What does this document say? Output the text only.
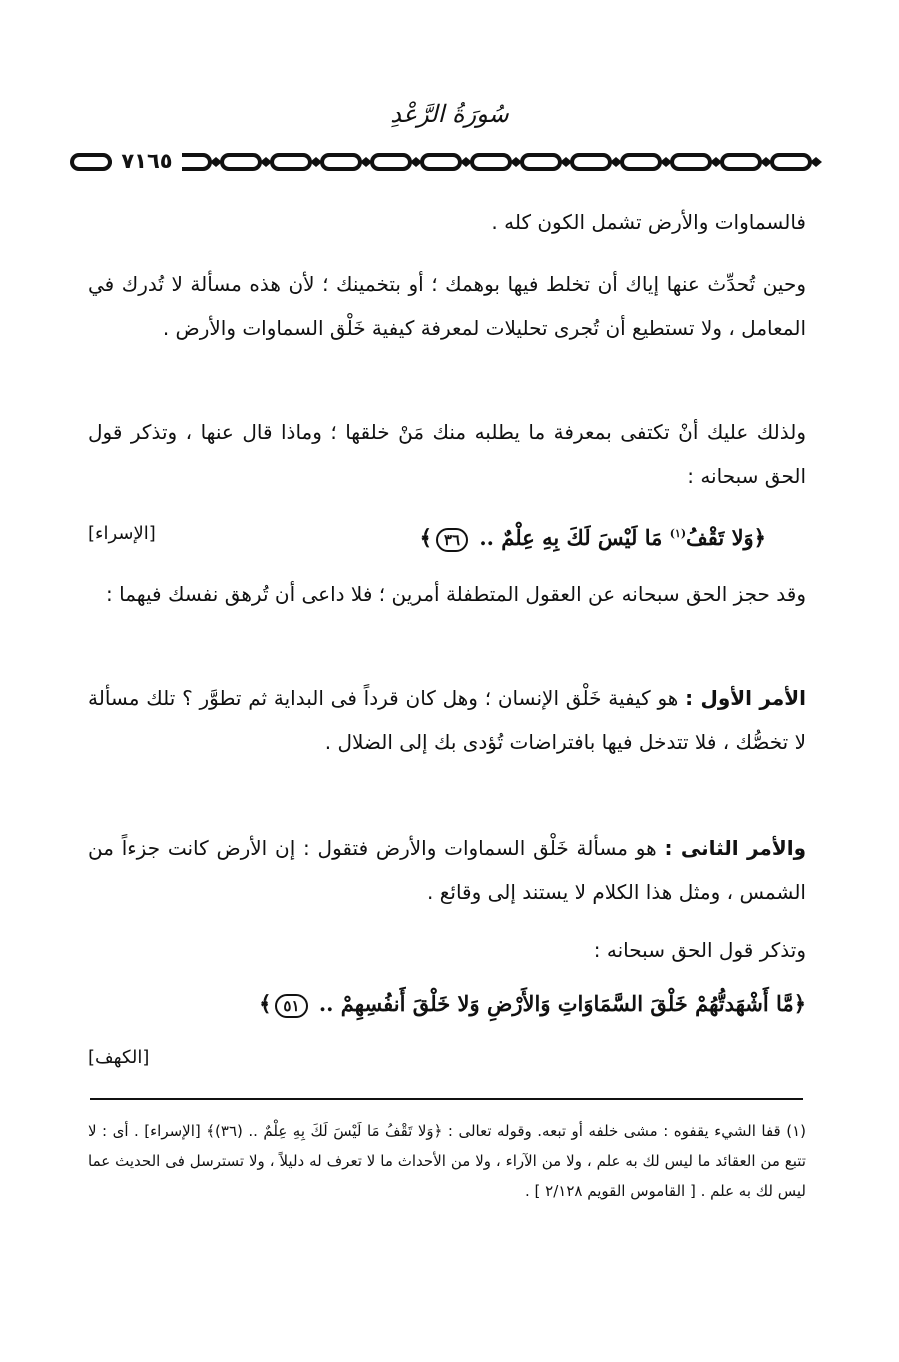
سُورَةُ الرَّعْدِ
٧١٦٥

فالسماوات والأرض تشمل الكون كله .

وحين تُحدِّث عنها إياك أن تخلط فيها بوهمك ؛ أو بتخمينك ؛ لأن هذه مسألة لا تُدرك في المعامل ، ولا تستطيع أن تُجرى تحليلات لمعرفة كيفية خَلْق السماوات والأرض .

ولذلك عليك أنْ تكتفى بمعرفة ما يطلبه منك مَنْ خلقها ؛ وماذا قال عنها ، وتذكر قول الحق سبحانه :

﴿وَلا تَقْفُ$^{(١)}$ مَا لَيْسَ لَكَ بِهِ عِلْمٌ .. ٣٦﴾
[الإسراء]

وقد حجز الحق سبحانه عن العقول المتطفلة أمرين ؛ فلا داعى أن تُرهق نفسك فيهما :

الأمر الأول : هو كيفية خَلْق الإنسان ؛ وهل كان قرداً فى البداية ثم تطوَّر ؟ تلك مسألة لا تخصُّك ، فلا تتدخل فيها بافتراضات تُؤدى بك إلى الضلال .

والأمر الثانى : هو مسألة خَلْق السماوات والأرض فتقول : إن الأرض كانت جزءاً من الشمس ، ومثل هذا الكلام لا يستند إلى وقائع .

وتذكر قول الحق سبحانه :

﴿مَّا أَشْهَدتُّهُمْ خَلْقَ السَّمَاوَاتِ وَالأَرْضِ وَلا خَلْقَ أَنفُسِهِمْ .. ٥١﴾
[الكهف]

(١) قفا الشيء يقفوه : مشى خلفه أو تبعه. وقوله تعالى : ﴿وَلا تَقْفُ مَا لَيْسَ لَكَ بِهِ عِلْمٌ .. (٣٦)﴾ [الإسراء] . أى : لا تتبع من العقائد ما ليس لك به علم ، ولا من الآراء ، ولا من الأحداث ما لا تعرف له دليلاً ، ولا تسترسل فى الحديث عما ليس لك به علم . [ القاموس القويم ٢/١٢٨ ] .
